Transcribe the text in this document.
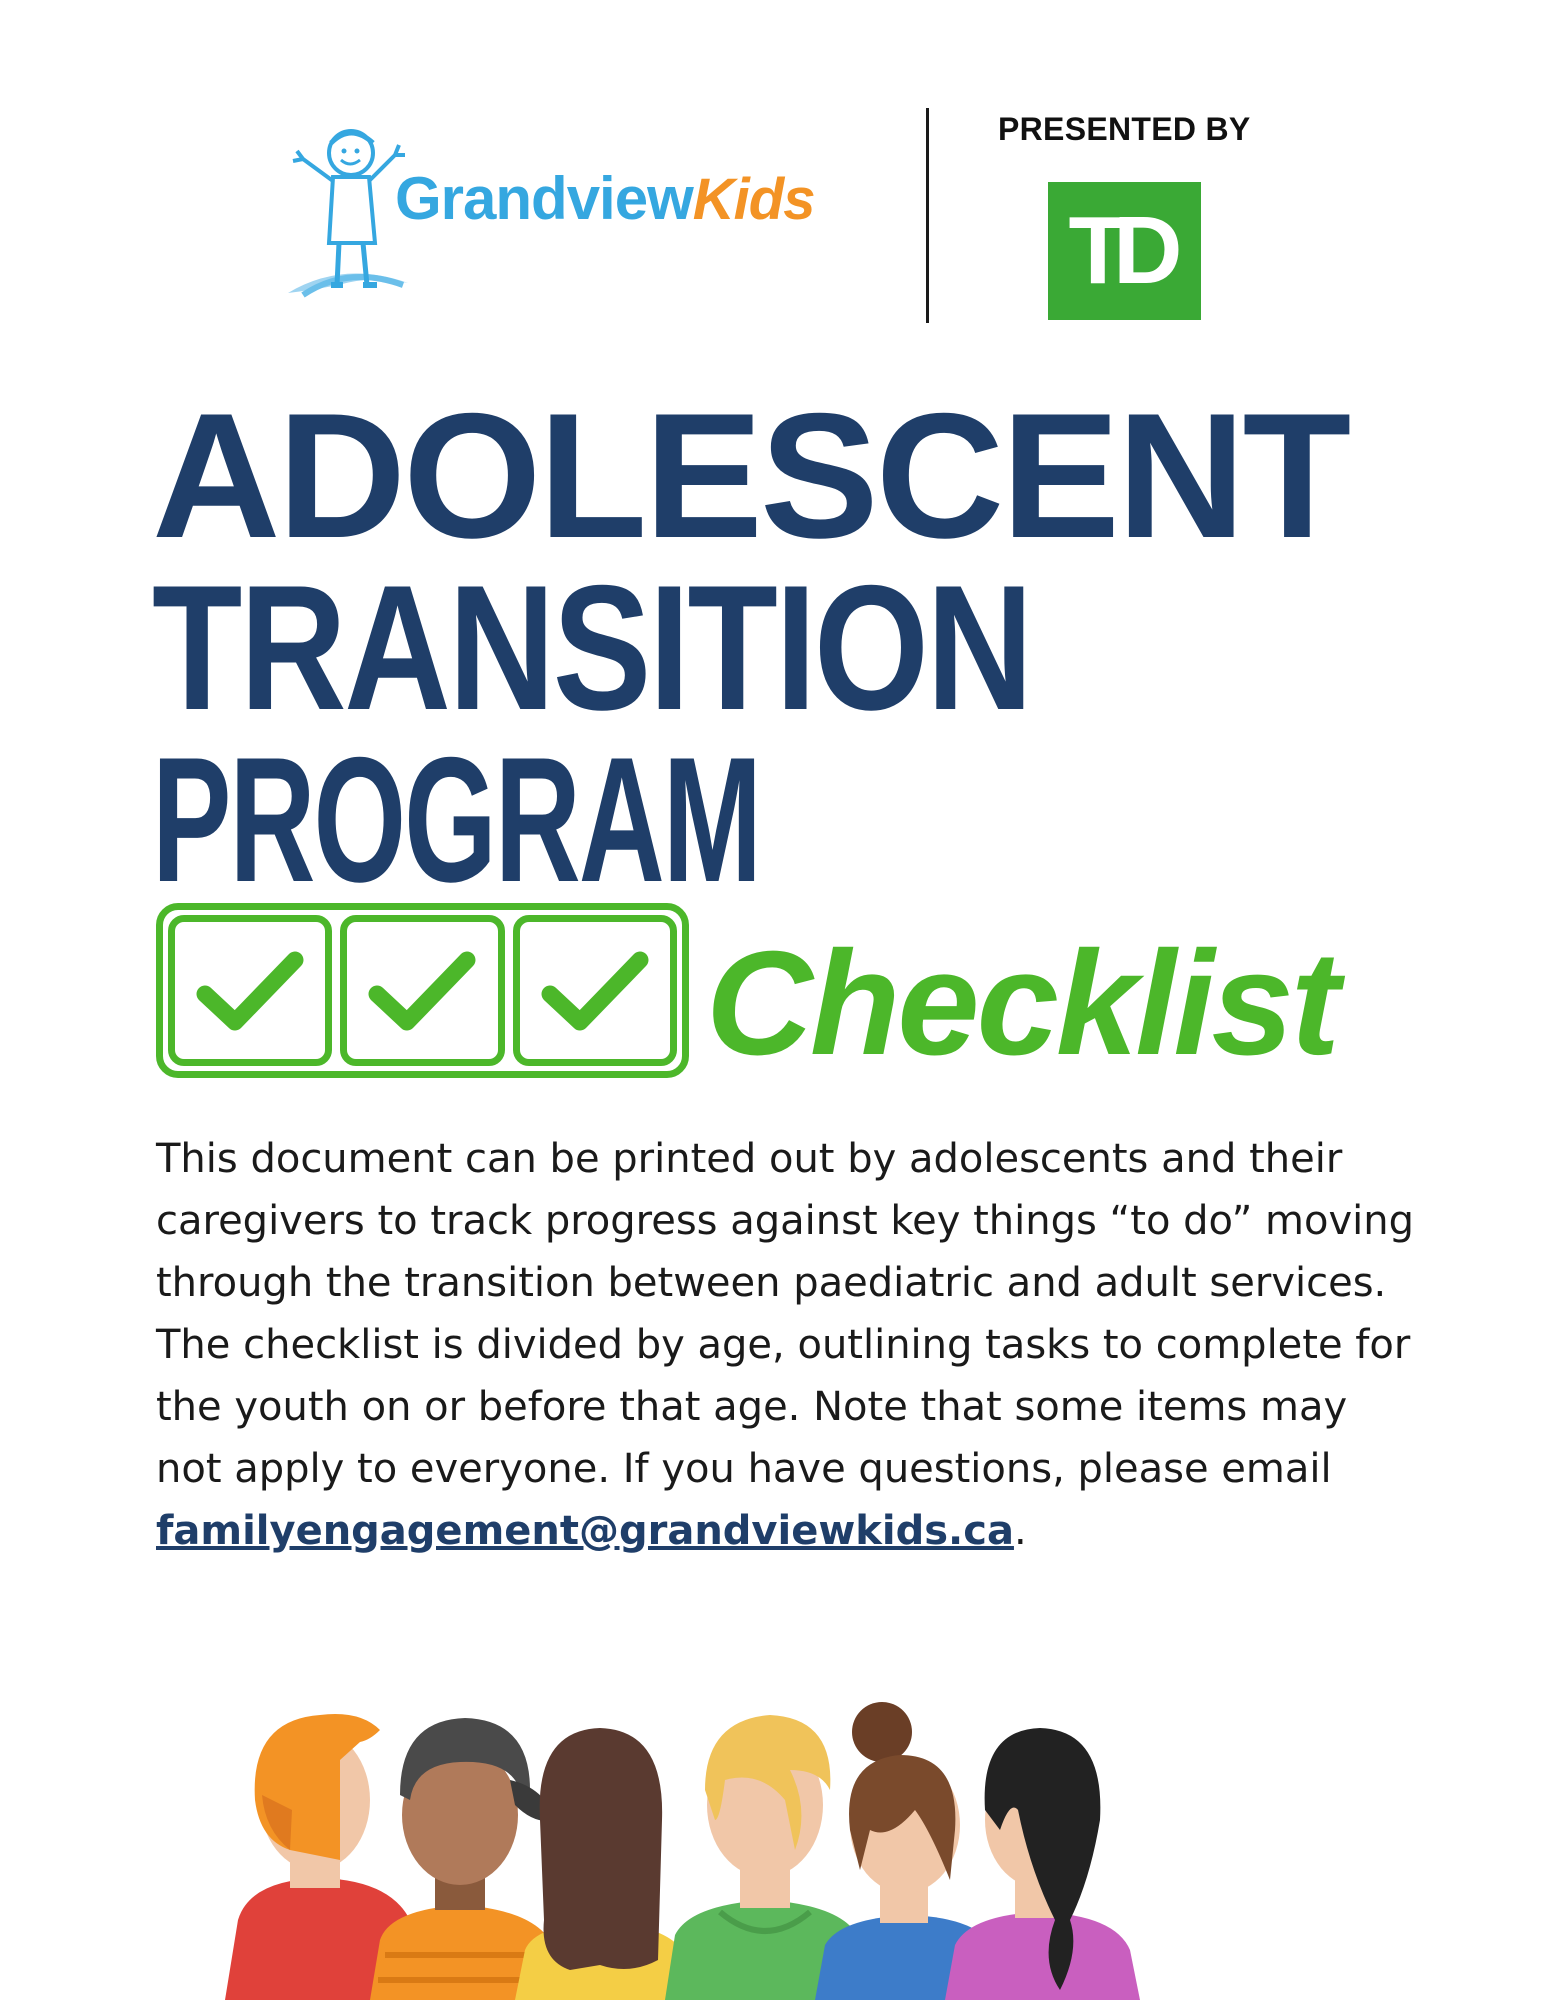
GrandviewKids
PRESENTED BY
TD
ADOLESCENT
TRANSITION
PROGRAM
Checklist

This document can be printed out by adolescents and their caregivers to track progress against key things “to do” moving through the transition between paediatric and adult services. The checklist is divided by age, outlining tasks to complete for the youth on or before that age. Note that some items may not apply to everyone. If you have questions, please email familyengagement@grandviewkids.ca.
